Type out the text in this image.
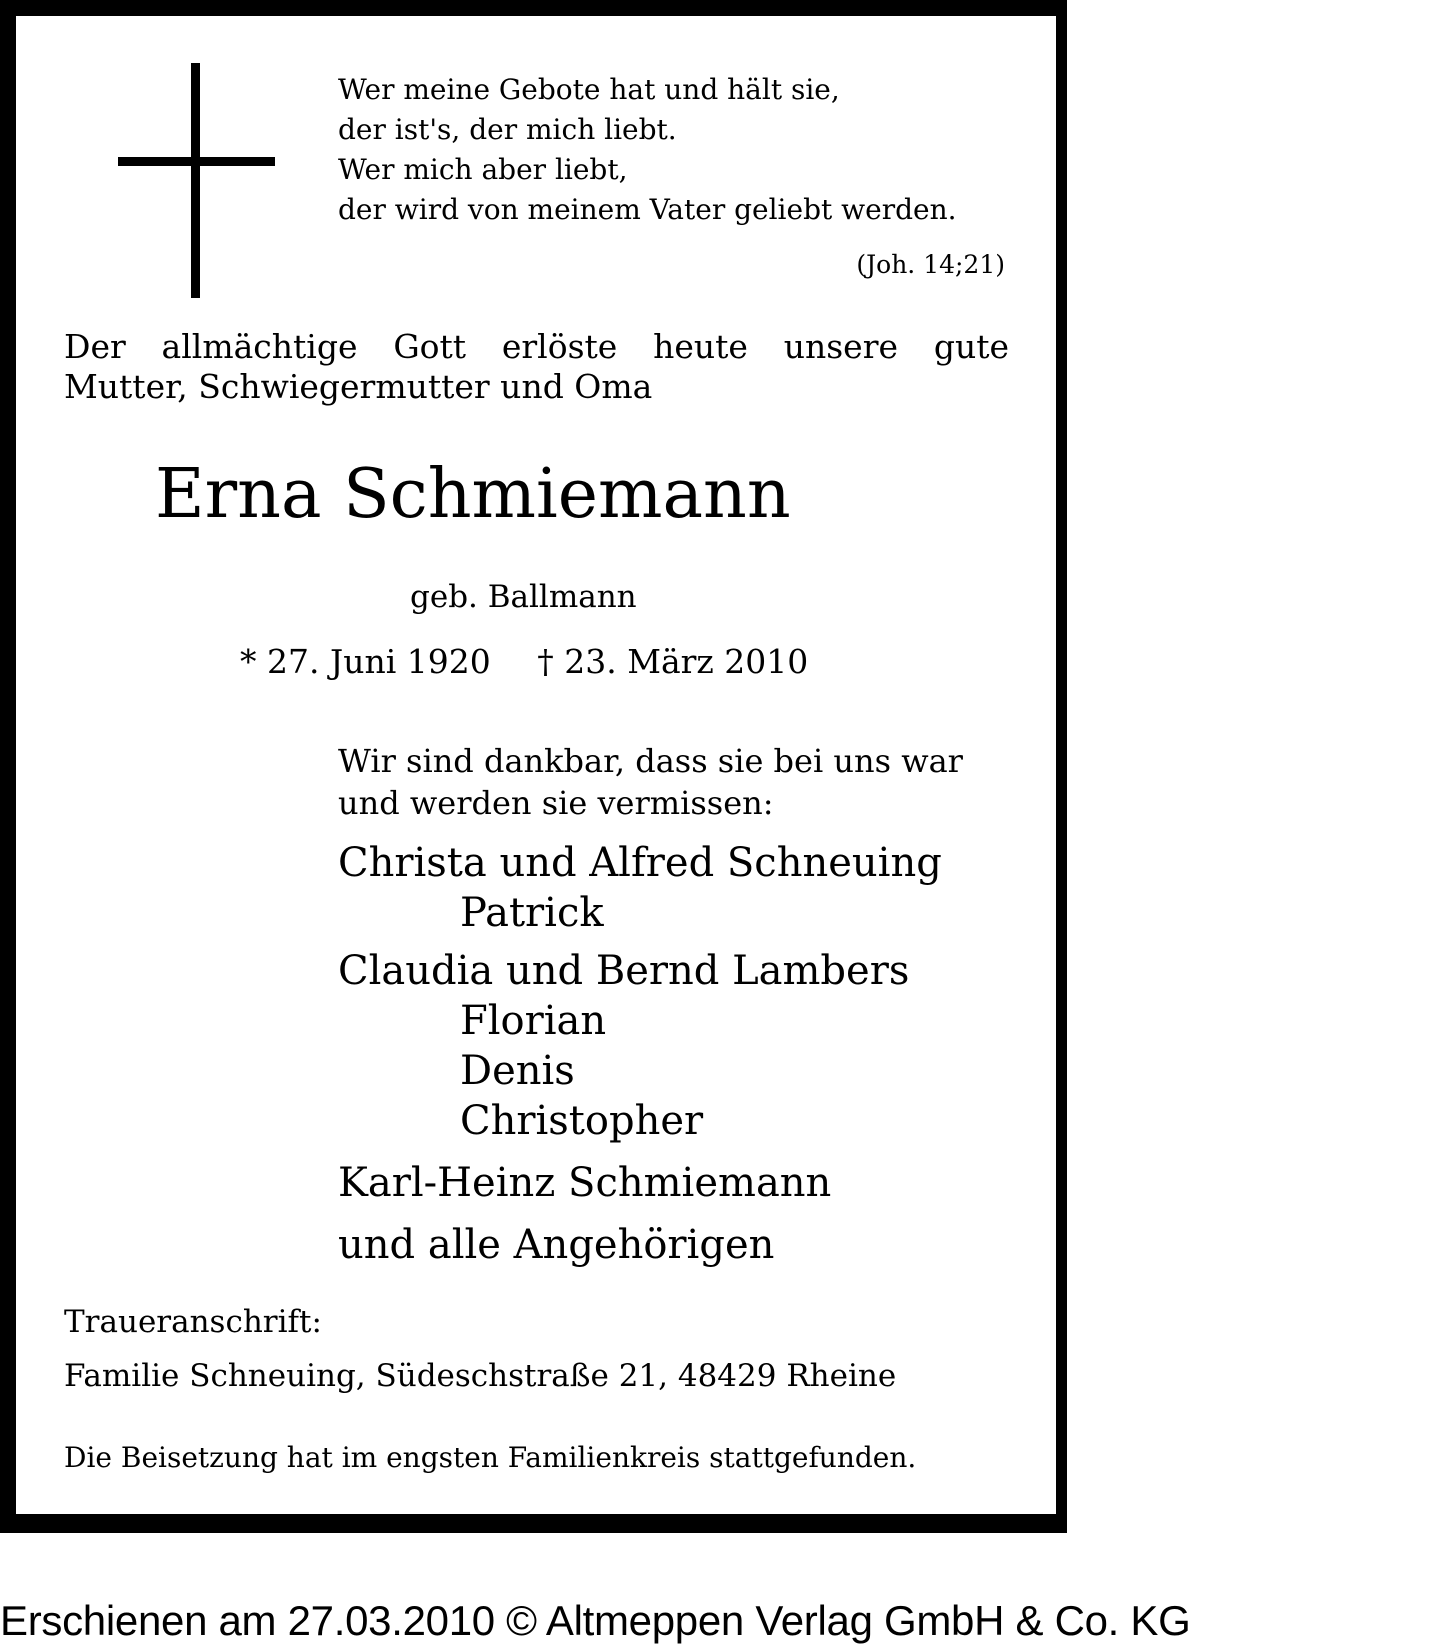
Wer meine Gebote hat und hält sie,
der ist's, der mich liebt.
Wer mich aber liebt,
der wird von meinem Vater geliebt werden.
(Joh. 14;21)
Der allmächtige Gott erlöste heute unsere gute
Mutter, Schwiegermutter und Oma
Erna Schmiemann
geb. Ballmann
* 27. Juni 1920 † 23. März 2010
Wir sind dankbar, dass sie bei uns war
und werden sie vermissen:
Christa und Alfred Schneuing
Patrick
Claudia und Bernd Lambers
Florian
Denis
Christopher
Karl-Heinz Schmiemann
und alle Angehörigen
Traueranschrift:
Familie Schneuing, Südeschstraße 21, 48429 Rheine
Die Beisetzung hat im engsten Familienkreis stattgefunden.
Erschienen am 27.03.2010 © Altmeppen Verlag GmbH & Co. KG
